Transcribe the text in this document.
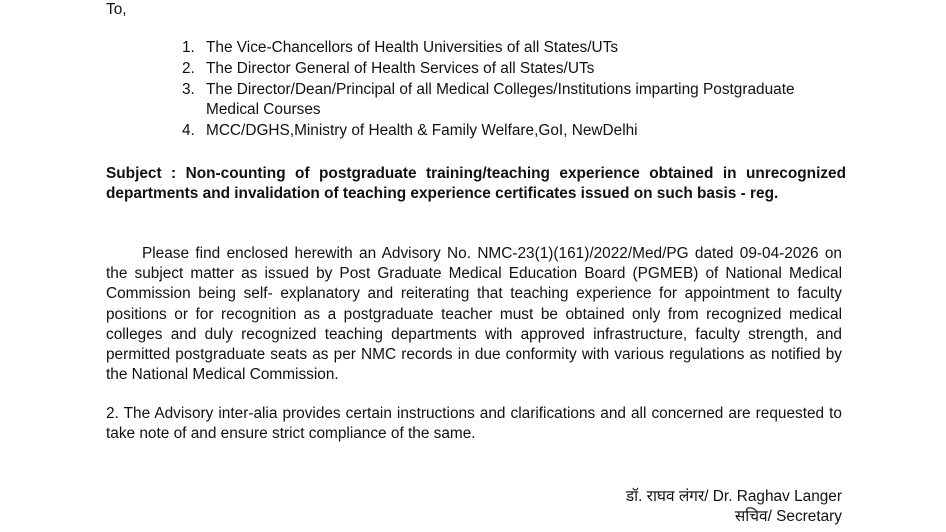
To,
1. The Vice-Chancellors of Health Universities of all States/UTs
2. The Director General of Health Services of all States/UTs
3. The Director/Dean/Principal of all Medical Colleges/Institutions imparting Postgraduate Medical Courses
4. MCC/DGHS,Ministry of Health & Family Welfare,GoI, NewDelhi
Subject : Non-counting of postgraduate training/teaching experience obtained in unrecognized departments and invalidation of teaching experience certificates issued on such basis - reg.

Please find enclosed herewith an Advisory No. NMC-23(1)(161)/2022/Med/PG dated 09-04-2026 on the subject matter as issued by Post Graduate Medical Education Board (PGMEB) of National Medical Commission being self- explanatory and reiterating that teaching experience for appointment to faculty positions or for recognition as a postgraduate teacher must be obtained only from recognized medical colleges and duly recognized teaching departments with approved infrastructure, faculty strength, and permitted postgraduate seats as per NMC records in due conformity with various regulations as notified by the National Medical Commission.

2. The Advisory inter-alia provides certain instructions and clarifications and all concerned are requested to take note of and ensure strict compliance of the same.

डॉ. राघव लंगर/ Dr. Raghav Langer
सचिव/ Secretary
